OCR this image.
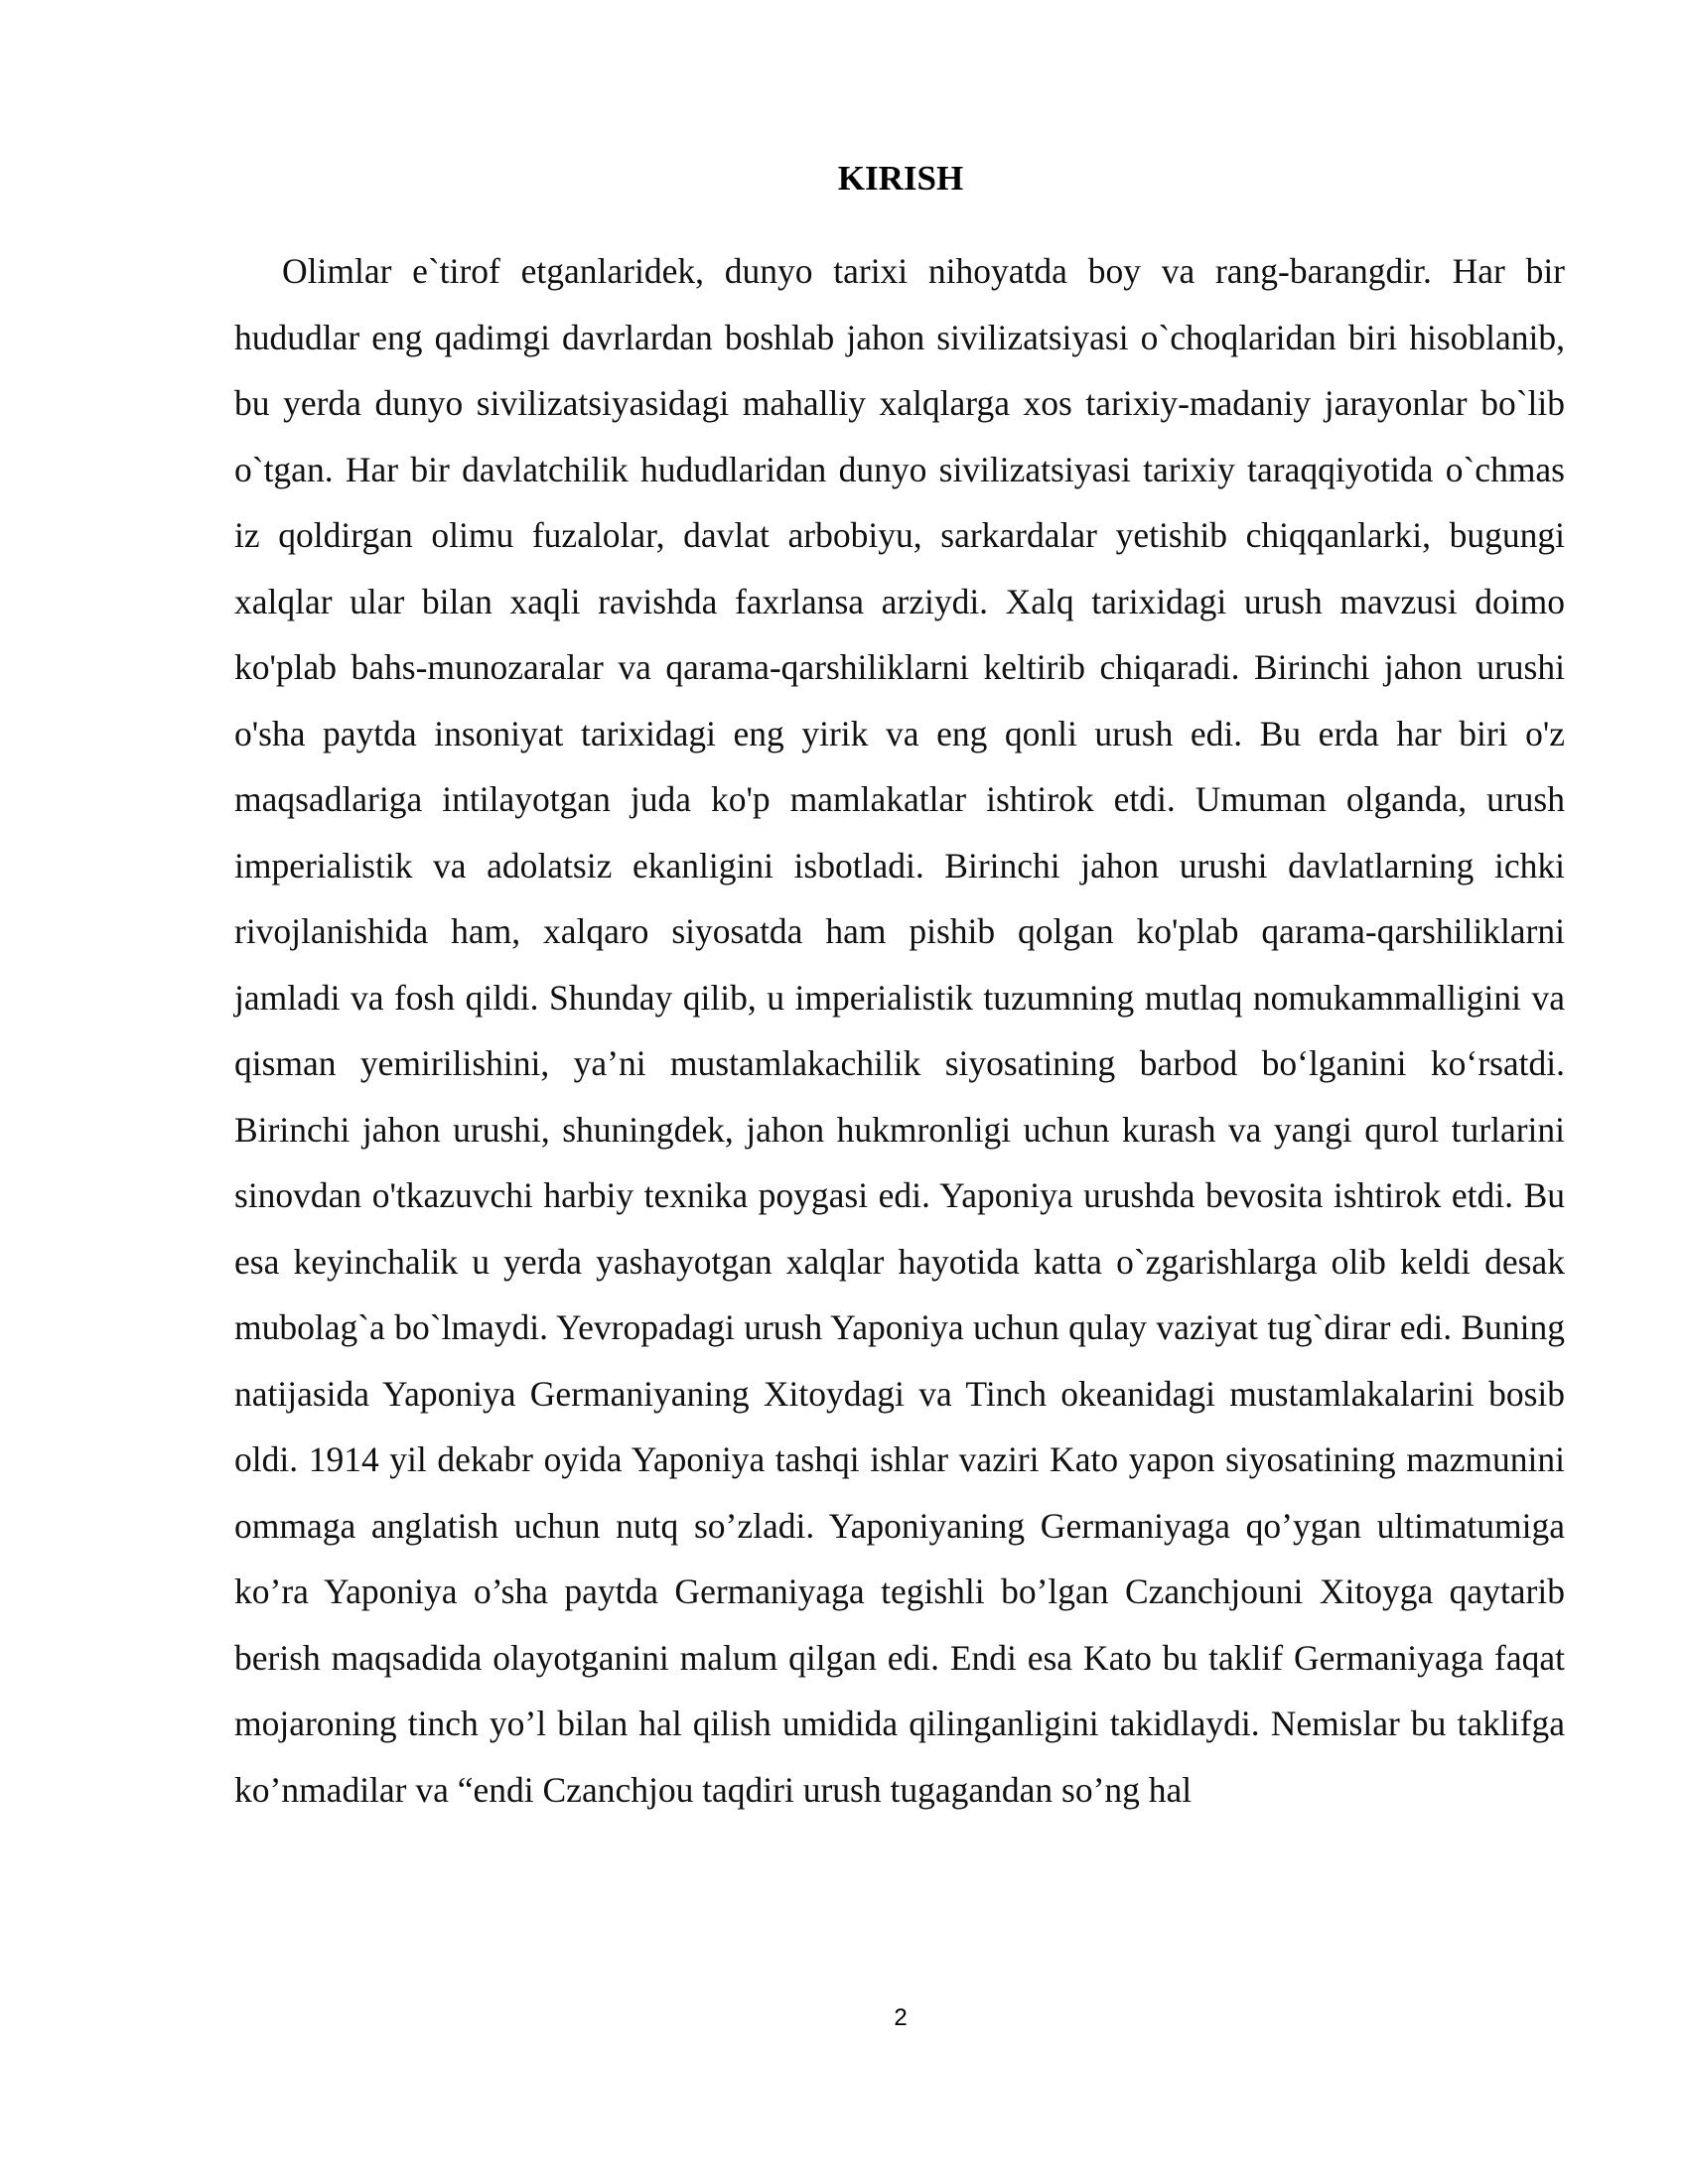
KIRISH

Olimlar e`tirof etganlaridek, dunyo tarixi nihoyatda boy va rang-barangdir. Har bir hududlar eng qadimgi davrlardan boshlab jahon sivilizatsiyasi o`choqlaridan biri hisoblanib, bu yerda dunyo sivilizatsiyasidagi mahalliy xalqlarga xos tarixiy-madaniy jarayonlar bo`lib o`tgan. Har bir davlatchilik hududlaridan dunyo sivilizatsiyasi tarixiy taraqqiyotida o`chmas iz qoldirgan olimu fuzalolar, davlat arbobiyu, sarkardalar yetishib chiqqanlarki, bugungi xalqlar ular bilan xaqli ravishda faxrlansa arziydi. Xalq tarixidagi urush mavzusi doimo ko'plab bahs-munozaralar va qarama-qarshiliklarni keltirib chiqaradi. Birinchi jahon urushi o'sha paytda insoniyat tarixidagi eng yirik va eng qonli urush edi. Bu erda har biri o'z maqsadlariga intilayotgan juda ko'p mamlakatlar ishtirok etdi. Umuman olganda, urush imperialistik va adolatsiz ekanligini isbotladi. Birinchi jahon urushi davlatlarning ichki rivojlanishida ham, xalqaro siyosatda ham pishib qolgan ko'plab qarama-qarshiliklarni jamladi va fosh qildi. Shunday qilib, u imperialistik tuzumning mutlaq nomukammalligini va qisman yemirilishini, ya’ni mustamlakachilik siyosatining barbod bo‘lganini ko‘rsatdi. Birinchi jahon urushi, shuningdek, jahon hukmronligi uchun kurash va yangi qurol turlarini sinovdan o'tkazuvchi harbiy texnika poygasi edi. Yaponiya urushda bevosita ishtirok etdi. Bu esa keyinchalik u yerda yashayotgan xalqlar hayotida katta o`zgarishlarga olib keldi desak mubolag`a bo`lmaydi. Yevropadagi urush Yaponiya uchun qulay vaziyat tug`dirar edi. Buning natijasida Yaponiya Germaniyaning Xitoydagi va Tinch okeanidagi mustamlakalarini bosib oldi. 1914 yil dekabr oyida Yaponiya tashqi ishlar vaziri Kato yapon siyosatining mazmunini ommaga anglatish uchun nutq so’zladi. Yaponiyaning Germaniyaga qo’ygan ultimatumiga ko’ra Yaponiya o’sha paytda Germaniyaga tegishli bo’lgan Czanchjouni Xitoyga qaytarib berish maqsadida olayotganini malum qilgan edi. Endi esa Kato bu taklif Germaniyaga faqat mojaroning tinch yo’l bilan hal qilish umidida qilinganligini takidlaydi. Nemislar bu taklifga ko’nmadilar va “endi Czanchjou taqdiri urush tugagandan so’ng hal

2
